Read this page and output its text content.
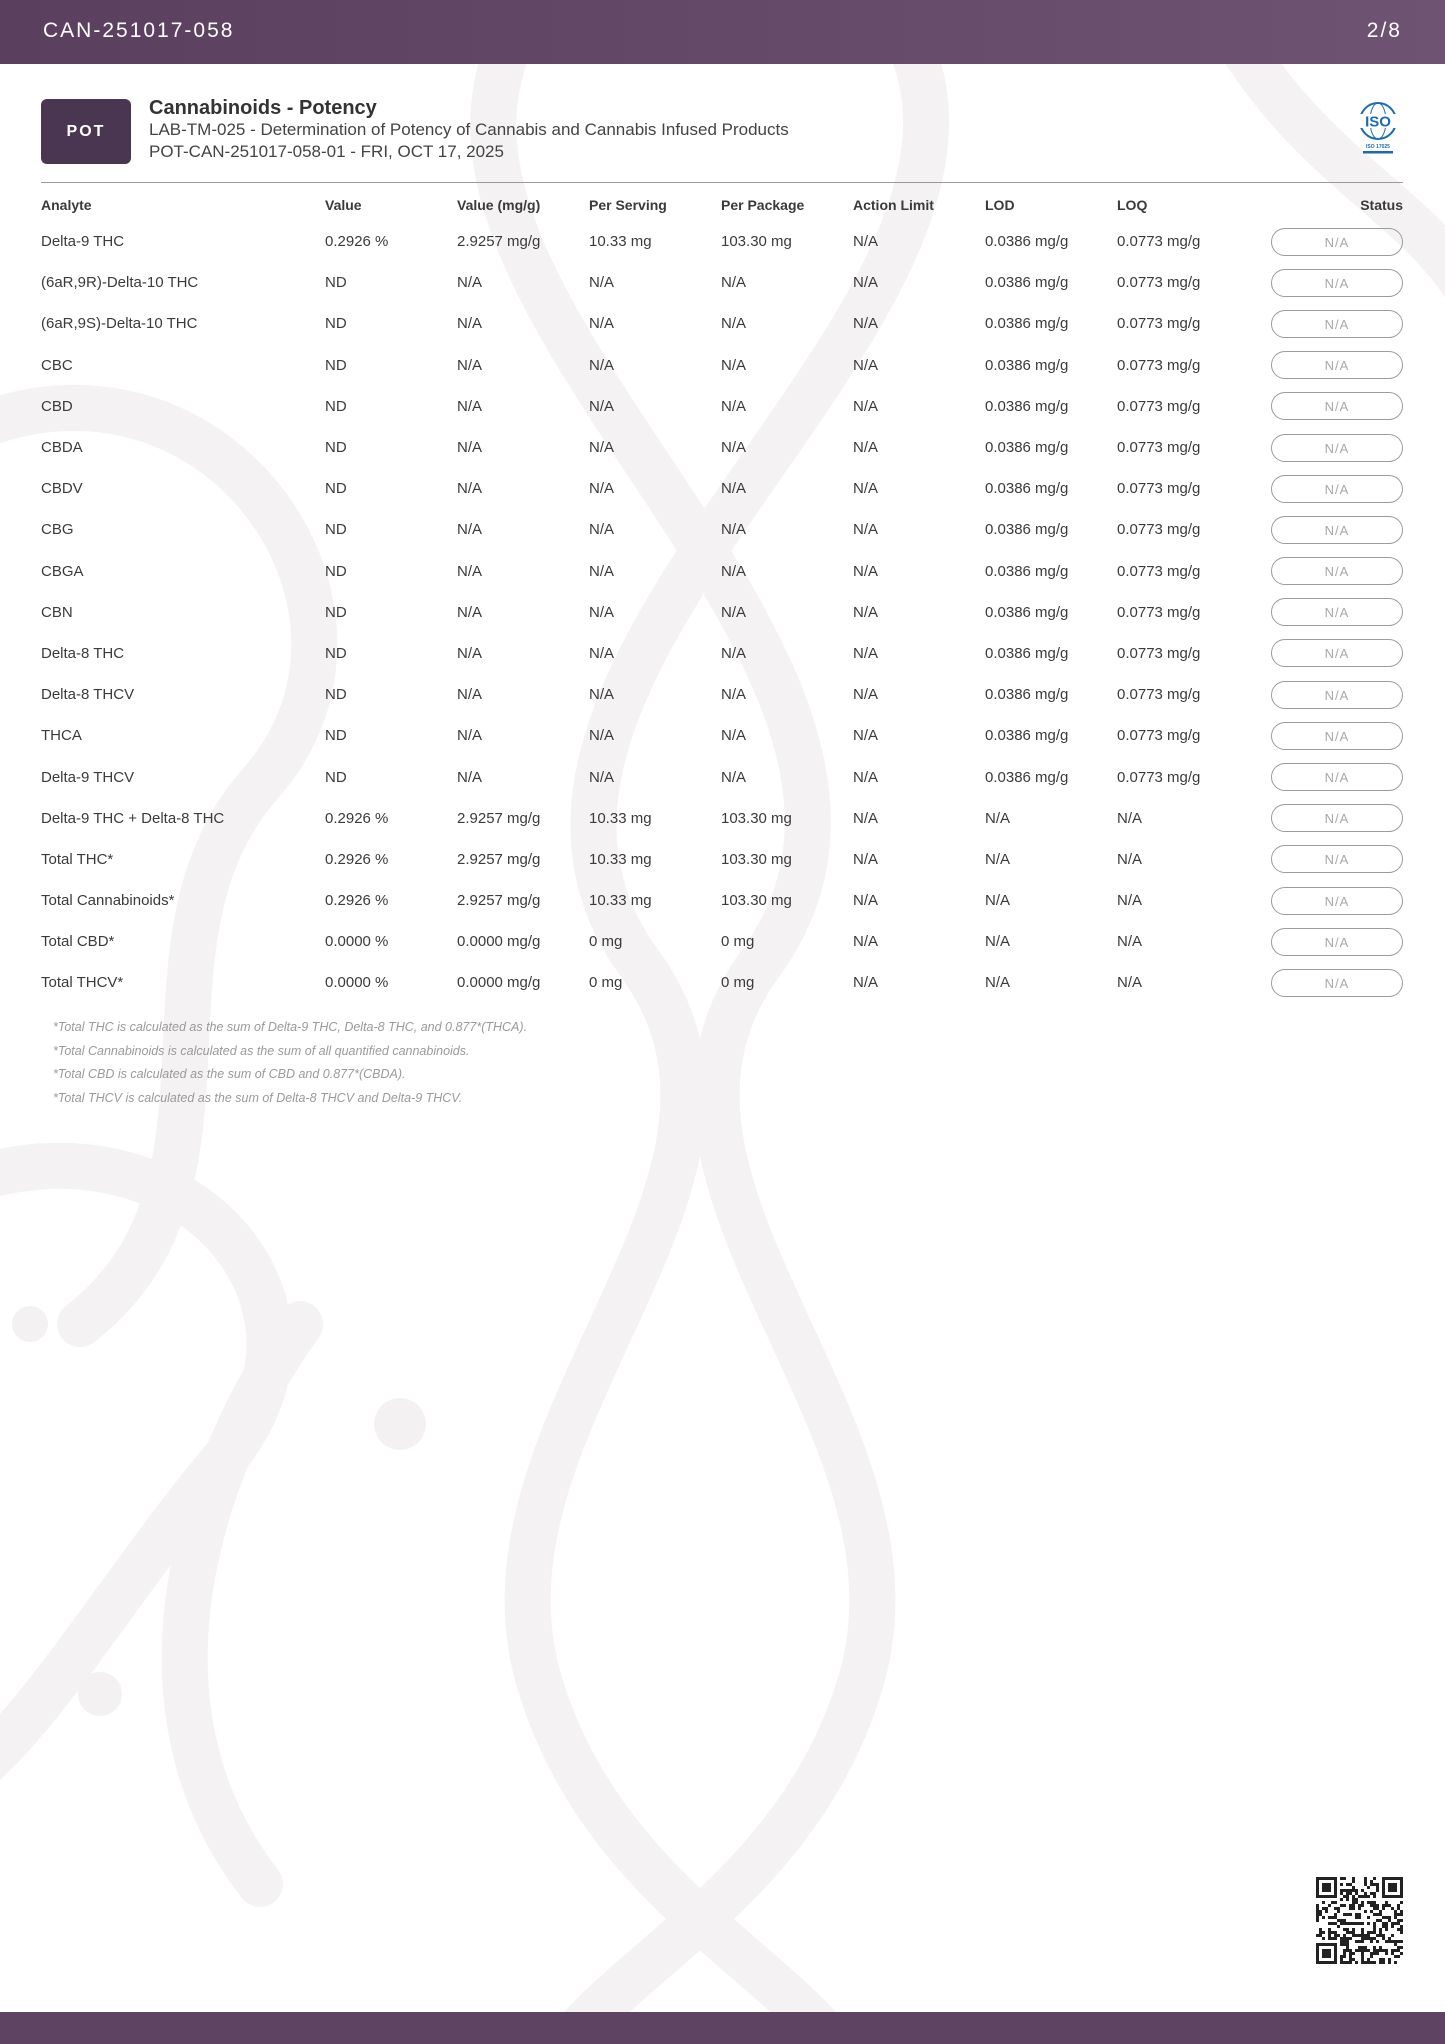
CAN-251017-058	2/8
POT
Cannabinoids - Potency
LAB-TM-025 - Determination of Potency of Cannabis and Cannabis Infused Products
POT-CAN-251017-058-01 - FRI, OCT 17, 2025
ISO
ISO 17025
Analyte	Value	Value (mg/g)	Per Serving	Per Package	Action Limit	LOD	LOQ	Status
Delta-9 THC	0.2926 %	2.9257 mg/g	10.33 mg	103.30 mg	N/A	0.0386 mg/g	0.0773 mg/g	N/A
(6aR,9R)-Delta-10 THC	ND	N/A	N/A	N/A	N/A	0.0386 mg/g	0.0773 mg/g	N/A
(6aR,9S)-Delta-10 THC	ND	N/A	N/A	N/A	N/A	0.0386 mg/g	0.0773 mg/g	N/A
CBC	ND	N/A	N/A	N/A	N/A	0.0386 mg/g	0.0773 mg/g	N/A
CBD	ND	N/A	N/A	N/A	N/A	0.0386 mg/g	0.0773 mg/g	N/A
CBDA	ND	N/A	N/A	N/A	N/A	0.0386 mg/g	0.0773 mg/g	N/A
CBDV	ND	N/A	N/A	N/A	N/A	0.0386 mg/g	0.0773 mg/g	N/A
CBG	ND	N/A	N/A	N/A	N/A	0.0386 mg/g	0.0773 mg/g	N/A
CBGA	ND	N/A	N/A	N/A	N/A	0.0386 mg/g	0.0773 mg/g	N/A
CBN	ND	N/A	N/A	N/A	N/A	0.0386 mg/g	0.0773 mg/g	N/A
Delta-8 THC	ND	N/A	N/A	N/A	N/A	0.0386 mg/g	0.0773 mg/g	N/A
Delta-8 THCV	ND	N/A	N/A	N/A	N/A	0.0386 mg/g	0.0773 mg/g	N/A
THCA	ND	N/A	N/A	N/A	N/A	0.0386 mg/g	0.0773 mg/g	N/A
Delta-9 THCV	ND	N/A	N/A	N/A	N/A	0.0386 mg/g	0.0773 mg/g	N/A
Delta-9 THC + Delta-8 THC	0.2926 %	2.9257 mg/g	10.33 mg	103.30 mg	N/A	N/A	N/A	N/A
Total THC*	0.2926 %	2.9257 mg/g	10.33 mg	103.30 mg	N/A	N/A	N/A	N/A
Total Cannabinoids*	0.2926 %	2.9257 mg/g	10.33 mg	103.30 mg	N/A	N/A	N/A	N/A
Total CBD*	0.0000 %	0.0000 mg/g	0 mg	0 mg	N/A	N/A	N/A	N/A
Total THCV*	0.0000 %	0.0000 mg/g	0 mg	0 mg	N/A	N/A	N/A	N/A
*Total THC is calculated as the sum of Delta-9 THC, Delta-8 THC, and 0.877*(THCA).
*Total Cannabinoids is calculated as the sum of all quantified cannabinoids.
*Total CBD is calculated as the sum of CBD and 0.877*(CBDA).
*Total THCV is calculated as the sum of Delta-8 THCV and Delta-9 THCV.
